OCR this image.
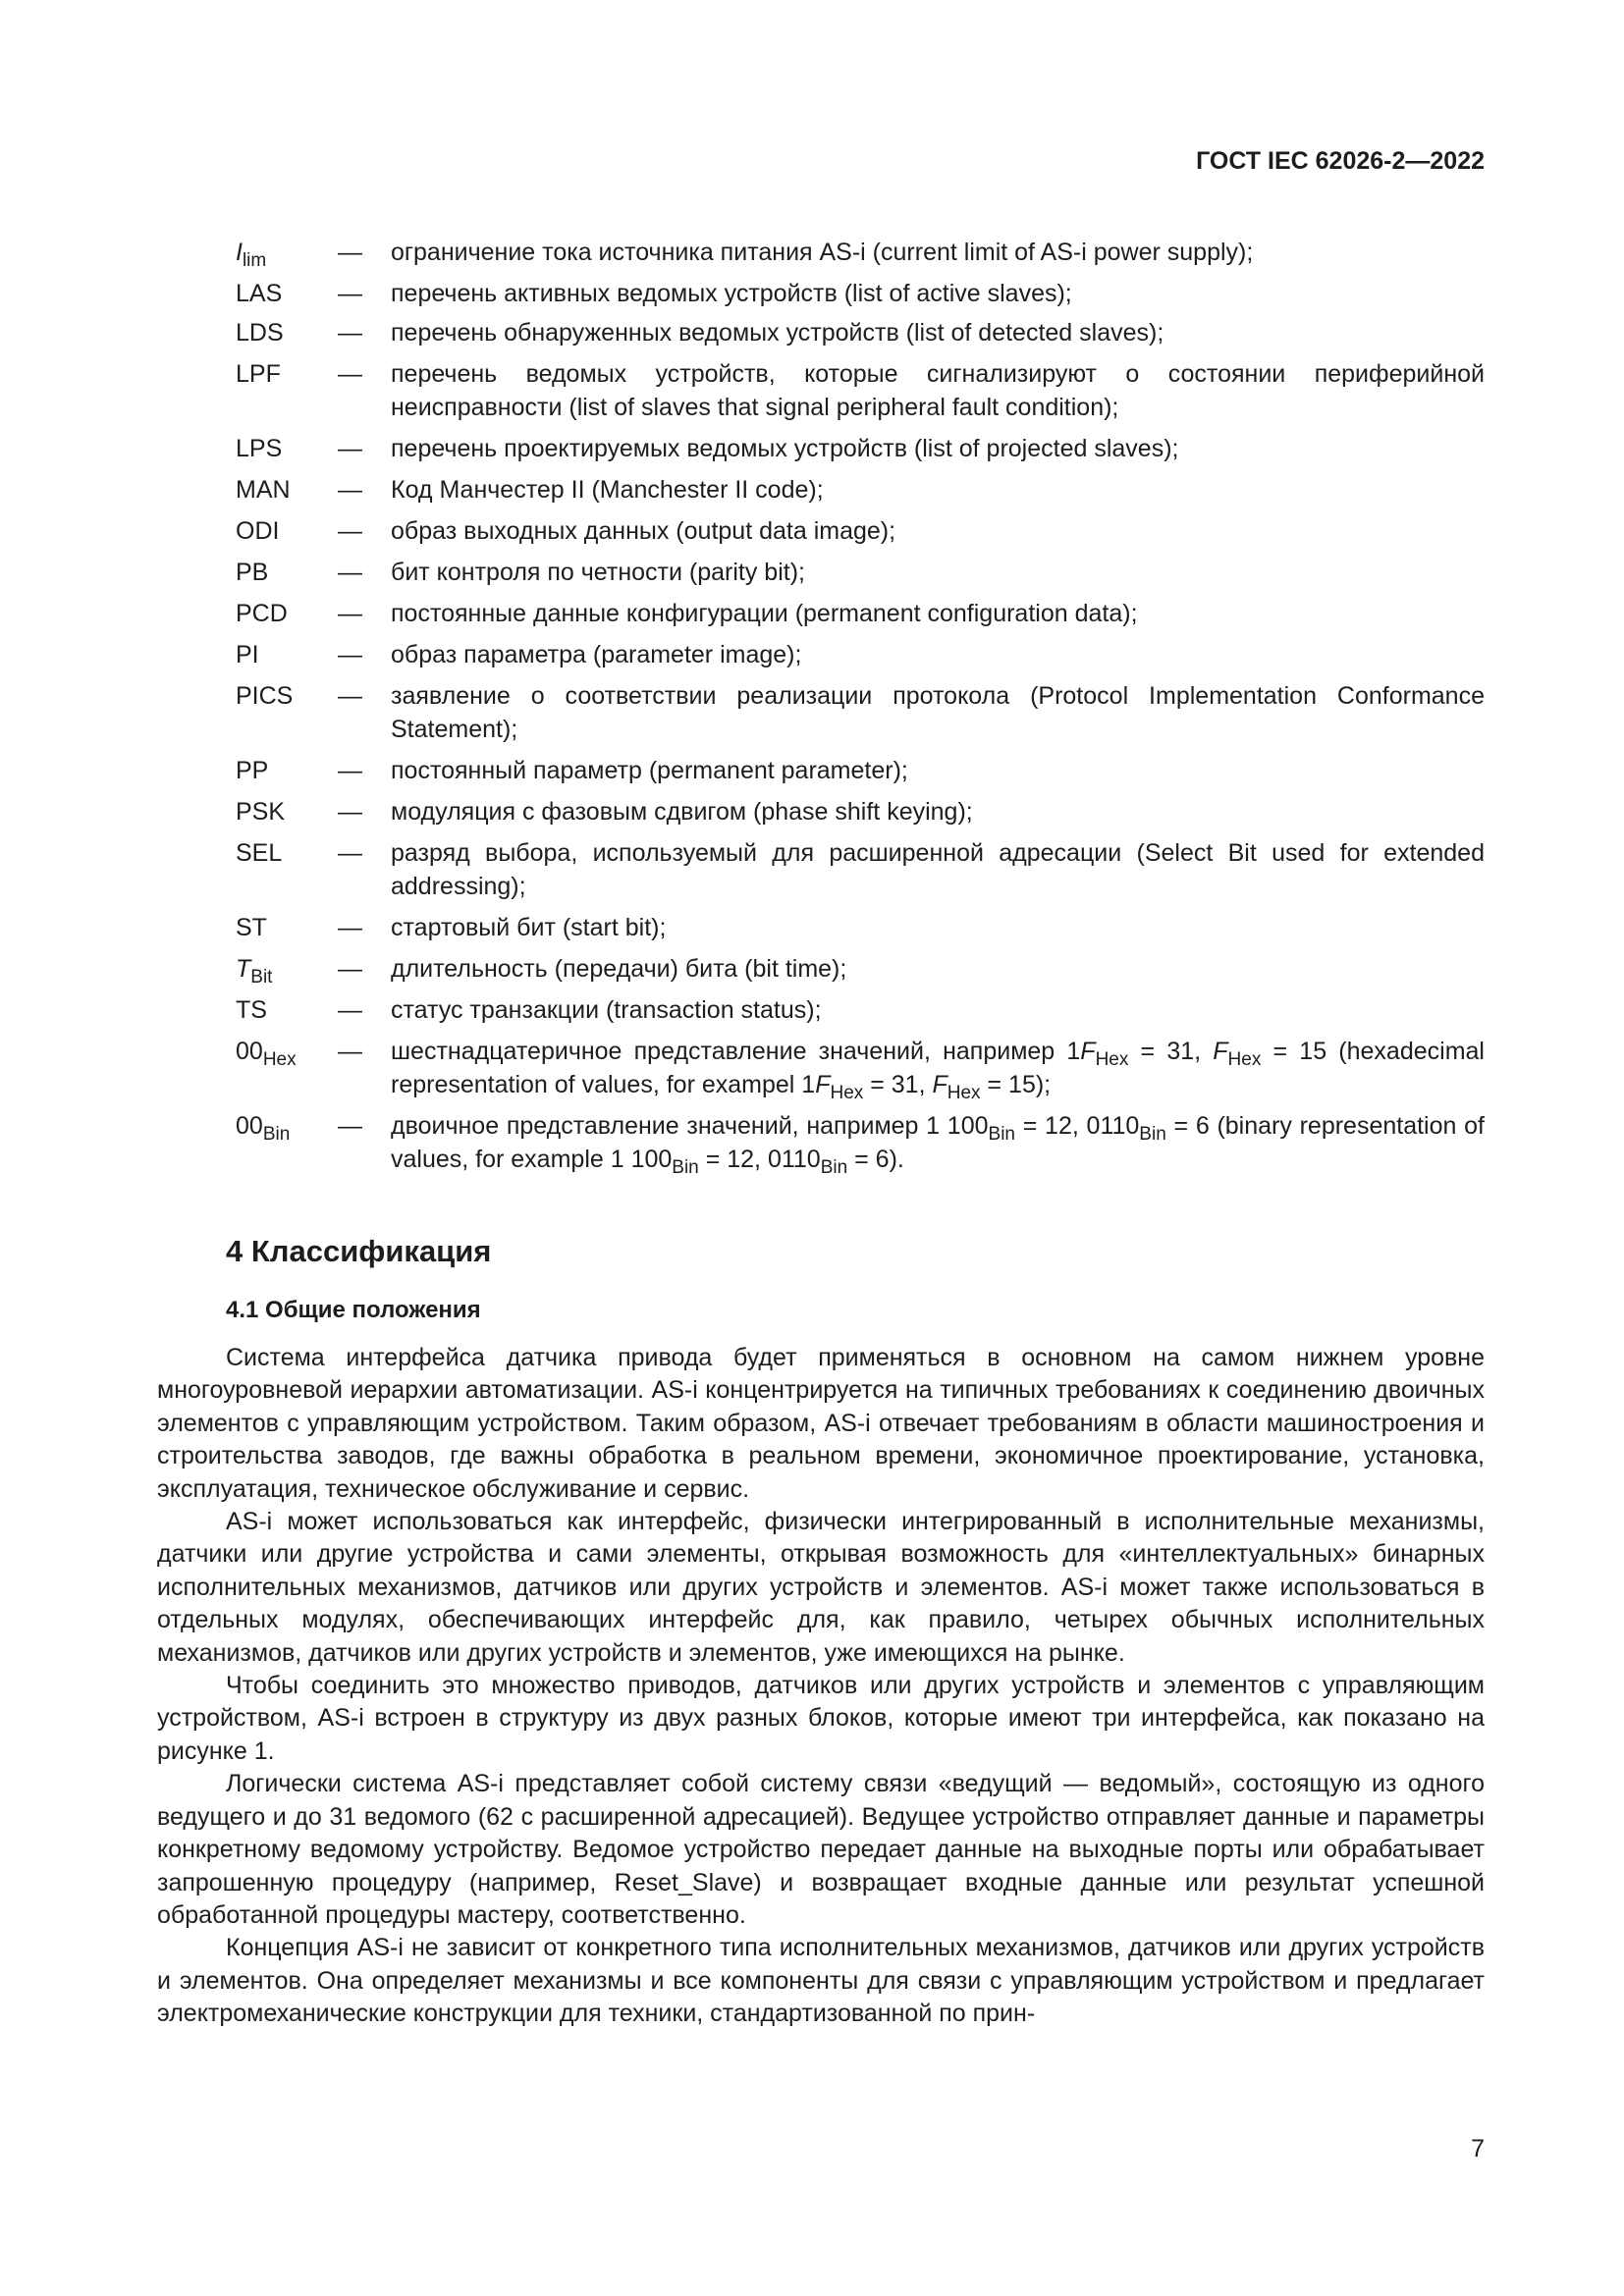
ГОСТ IEC 62026-2—2022
$I_{lim}$	—	ограничение тока источника питания AS-i (current limit of AS-i power supply);
LAS	—	перечень активных ведомых устройств (list of active slaves);
LDS	—	перечень обнаруженных ведомых устройств (list of detected slaves);
LPF	—	перечень ведомых устройств, которые сигнализируют о состоянии периферийной неисправности (list of slaves that signal peripheral fault condition);
LPS	—	перечень проектируемых ведомых устройств (list of projected slaves);
MAN	—	Код Манчестер II (Manchester II code);
ODI	—	образ выходных данных (output data image);
PB	—	бит контроля по четности (parity bit);
PCD	—	постоянные данные конфигурации (permanent configuration data);
PI	—	образ параметра (parameter image);
PICS	—	заявление о соответствии реализации протокола (Protocol Implementation Conformance Statement);
PP	—	постоянный параметр (permanent parameter);
PSK	—	модуляция с фазовым сдвигом (phase shift keying);
SEL	—	разряд выбора, используемый для расширенной адресации (Select Bit used for extended addressing);
ST	—	стартовый бит (start bit);
$T_{Bit}$	—	длительность (передачи) бита (bit time);
TS	—	статус транзакции (transaction status);
$00_{Hex}$	—	шестнадцатеричное представление значений, например $1F_{Hex} = 31$, $F_{Hex} = 15$ (hexadecimal representation of values, for exampel $1F_{Hex} = 31$, $F_{Hex} = 15$);
$00_{Bin}$	—	двоичное представление значений, например 1 $100_{Bin} = 12$, $0110_{Bin} = 6$ (binary representation of values, for example 1 $100_{Bin} = 12$, $0110_{Bin} = 6$).
4 Классификация
4.1 Общие положения

Система интерфейса датчика привода будет применяться в основном на самом нижнем уровне многоуровневой иерархии автоматизации. AS-i концентрируется на типичных требованиях к соединению двоичных элементов с управляющим устройством. Таким образом, AS-i отвечает требованиям в области машиностроения и строительства заводов, где важны обработка в реальном времени, экономичное проектирование, установка, эксплуатация, техническое обслуживание и сервис.

AS-i может использоваться как интерфейс, физически интегрированный в исполнительные механизмы, датчики или другие устройства и сами элементы, открывая возможность для «интеллектуальных» бинарных исполнительных механизмов, датчиков или других устройств и элементов. AS-i может также использоваться в отдельных модулях, обеспечивающих интерфейс для, как правило, четырех обычных исполнительных механизмов, датчиков или других устройств и элементов, уже имеющихся на рынке.

Чтобы соединить это множество приводов, датчиков или других устройств и элементов с управляющим устройством, AS-i встроен в структуру из двух разных блоков, которые имеют три интерфейса, как показано на рисунке 1.

Логически система AS-i представляет собой систему связи «ведущий — ведомый», состоящую из одного ведущего и до 31 ведомого (62 с расширенной адресацией). Ведущее устройство отправляет данные и параметры конкретному ведомому устройству. Ведомое устройство передает данные на выходные порты или обрабатывает запрошенную процедуру (например, Reset_Slave) и возвращает входные данные или результат успешной обработанной процедуры мастеру, соответственно.

Концепция AS-i не зависит от конкретного типа исполнительных механизмов, датчиков или других устройств и элементов. Она определяет механизмы и все компоненты для связи с управляющим устройством и предлагает электромеханические конструкции для техники, стандартизованной по прин-

7
